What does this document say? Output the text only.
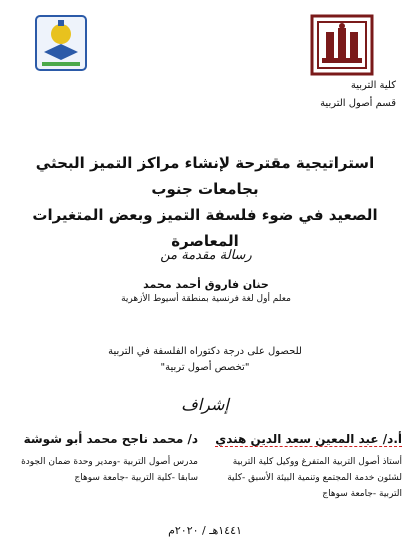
كلية التربية
قسم أصول التربية
استراتيجية مقترحة لإنشاء مراكز التميز البحثي بجامعات جنوب
الصعيد في ضوء فلسفة التميز وبعض المتغيرات المعاصرة
رسالة مقدمة من
حنان فاروق أحمد محمد
معلم أول لغة فرنسية بمنطقة أسيوط الأزهرية
للحصول على درجة دكتوراه الفلسفة في التربية
"تخصص أصول تربية"
إشراف
أ.د/ عبد المعين سعد الدين هندي
أستاذ أصول التربية المتفرغ ووكيل كلية التربية
لشئون خدمة المجتمع وتنمية البيئة الأسبق -كلية
التربية -جامعة سوهاج
د/ محمد ناجح محمد أبو شوشة
مدرس أصول التربية -ومدير وحدة ضمان الجودة
سابقا -كلية التربية -جامعة سوهاج
١٤٤١هـ / ٢٠٢٠م
